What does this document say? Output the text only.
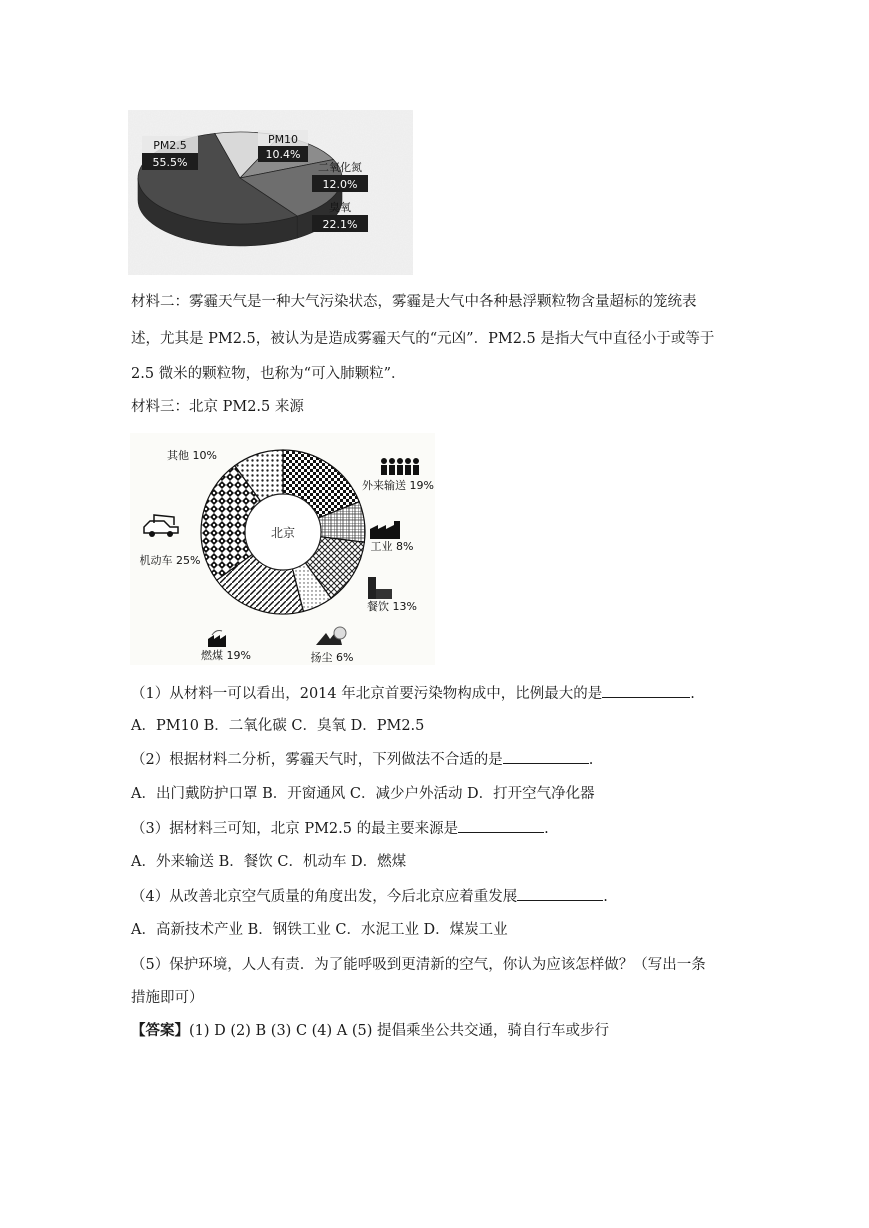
PM2.5
55.5%
PM10
10.4%
二氧化氮
12.0%
臭氧
22.1%
北京
外来输送 19%
工业 8%
餐饮 13%
扬尘 6%
燃煤 19%
机动车 25%
其他 10%
材料二：雾霾天气是一种大气污染状态，雾霾是大气中各种悬浮颗粒物含量超标的笼统表
述，尤其是 PM2.5，被认为是造成雾霾天气的“元凶”．PM2.5 是指大气中直径小于或等于
2.5 微米的颗粒物，也称为“可入肺颗粒”．
材料三：北京 PM2.5 来源
（1）从材料一可以看出，2014 年北京首要污染物构成中，比例最大的是	.
A．PM10 B．二氧化碳 C．臭氧 D．PM2.5
（2）根据材料二分析，雾霾天气时，下列做法不合适的是	.
A．出门戴防护口罩 B．开窗通风 C．减少户外活动 D．打开空气净化器
（3）据材料三可知，北京 PM2.5 的最主要来源是	.
A．外来输送 B．餐饮 C．机动车 D．燃煤
（4）从改善北京空气质量的角度出发，今后北京应着重发展	.
A．高新技术产业 B．钢铁工业 C．水泥工业 D．煤炭工业
（5）保护环境，人人有责．为了能呼吸到更清新的空气，你认为应该怎样做？（写出一条
措施即可）
【答案】(1) D (2) B (3) C (4) A (5) 提倡乘坐公共交通，骑自行车或步行
